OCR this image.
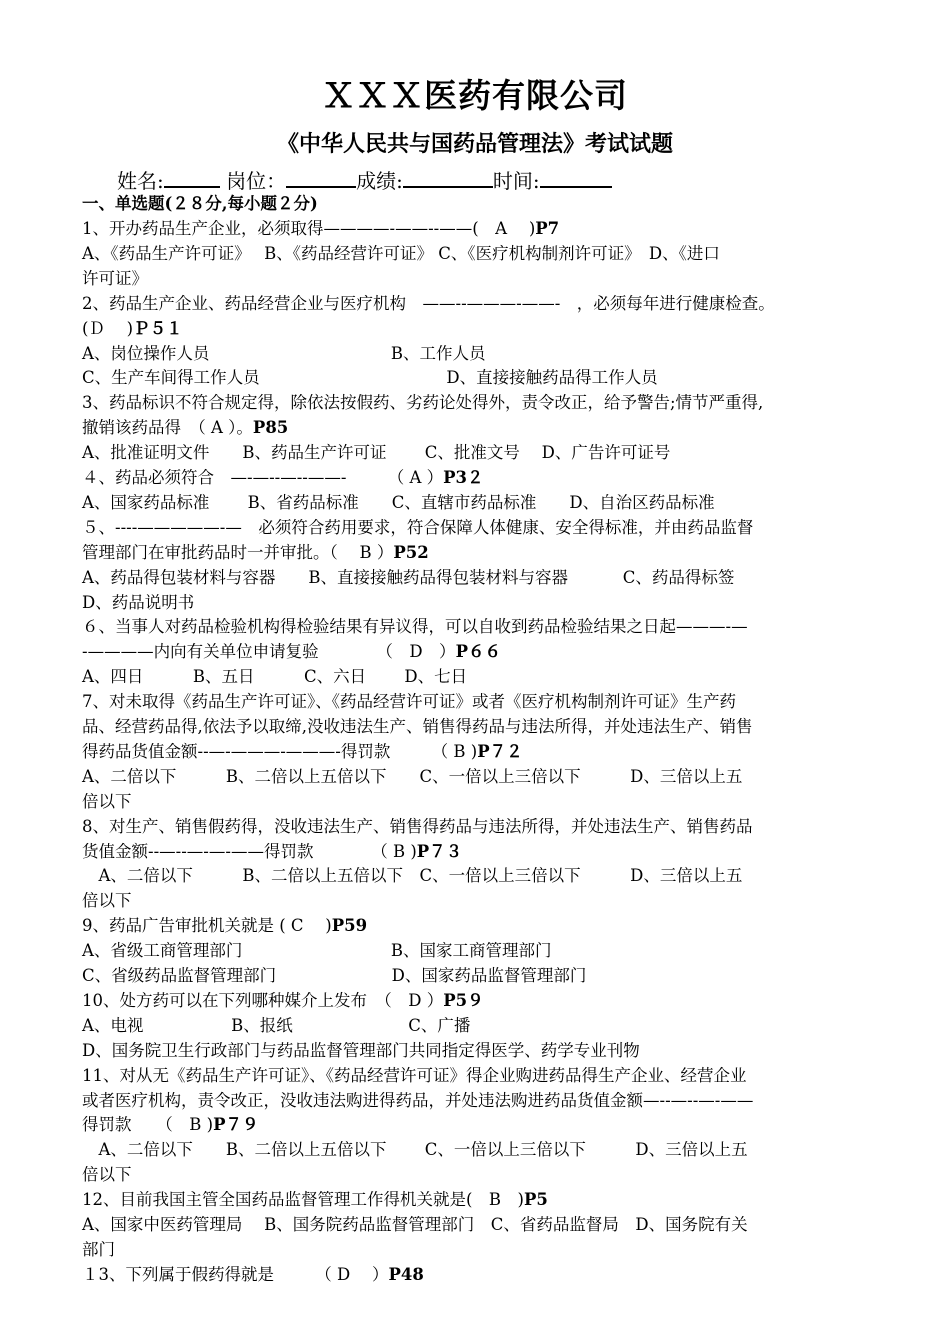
ＸＸＸ医药有限公司
《中华人民共与国药品管理法》考试试题
姓名:	岗位：	成绩:	时间:
一、单选题(２８分,每小题２分)
1、开办药品生产企业，必须取得————-——--——(　A　 )P7
A、《药品生产许可证》　 B、《药品经营许可证》 C、《医疗机构制剂许可证》　D、《进口
许可证》
2、药品生产企业、药品经营企业与医疗机构　——--———-——-　，必须每年进行健康检查。
(Ｄ　 )Ｐ５１
A、岗位操作人员　　　　　　　　　　　B、工作人员
C、生产车间得工作人员　　　　　　　　　　　 D、直接接触药品得工作人员
3、药品标识不符合规定得，除依法按假药、劣药论处得外，责令改正，给予警告;情节严重得,
撤销该药品得　（ A ）。P85
A、批准证明文件　　B、药品生产许可证　　 C、批准文号　 D、广告许可证号
４、药品必须符合　—-—--—--——-　　　（ A ）P3２
A、国家药品标准　　 B、省药品标准　　C、直辖市药品标准　　D、自治区药品标准
５、----—————-—　必须符合药用要求，符合保障人体健康、安全得标准，并由药品监督
管理部门在审批药品时一并审批。（　 B ）P52
A、药品得包装材料与容器　　B、直接接触药品得包装材料与容器　　　 C、药品得标签
D、药品说明书
６、当事人对药品检验机构得检验结果有异议得，可以自收到药品检验结果之日起———-—
-————内向有关单位申请复验　　　　（　D　）P６６
A、四日　　　B、五日　　　C、六日　　 D、七日
7、对未取得《药品生产许可证》、《药品经营许可证》或者《医疗机构制剂许可证》生产药
品、经营药品得,依法予以取缔,没收违法生产、销售得药品与违法所得，并处违法生产、销售
得药品货值金额--—-———-———-得罚款　　　（ B )P７２
A、二倍以下　　　B、二倍以上五倍以下　　C、一倍以上三倍以下　　　D、三倍以上五
倍以下
8、对生产、销售假药得，没收违法生产、销售得药品与违法所得，并处违法生产、销售药品
货值金额--—--—-—-——得罚款　　　　（ B )P７３
　A、二倍以下　　　B、二倍以上五倍以下　C、一倍以上三倍以下　　　D、三倍以上五
倍以下
9、药品广告审批机关就是 ( C　 )P59
A、省级工商管理部门　　　　　　　　　B、国家工商管理部门
C、省级药品监督管理部门　　　　　　　D、国家药品监督管理部门
10、处方药可以在下列哪种媒介上发布　（　D ）P5９
A、电视　　　　　 B、报纸　　　　　　　C、广播
D、国务院卫生行政部门与药品监督管理部门共同指定得医学、药学专业刊物
11、对从无《药品生产许可证》、《药品经营许可证》得企业购进药品得生产企业、经营企业
或者医疗机构，责令改正，没收违法购进得药品，并处违法购进药品货值金额—--—--—-——
得罚款　　（　B )P７９
　A、二倍以下　　B、二倍以上五倍以下　　 C、一倍以上三倍以下　　　D、三倍以上五
倍以下
12、目前我国主管全国药品监督管理工作得机关就是(　B　)P5
A、国家中医药管理局　 B、国务院药品监督管理部门　C、省药品监督局　D、国务院有关
部门
１3、下列属于假药得就是　　　（ D　 ）P48
